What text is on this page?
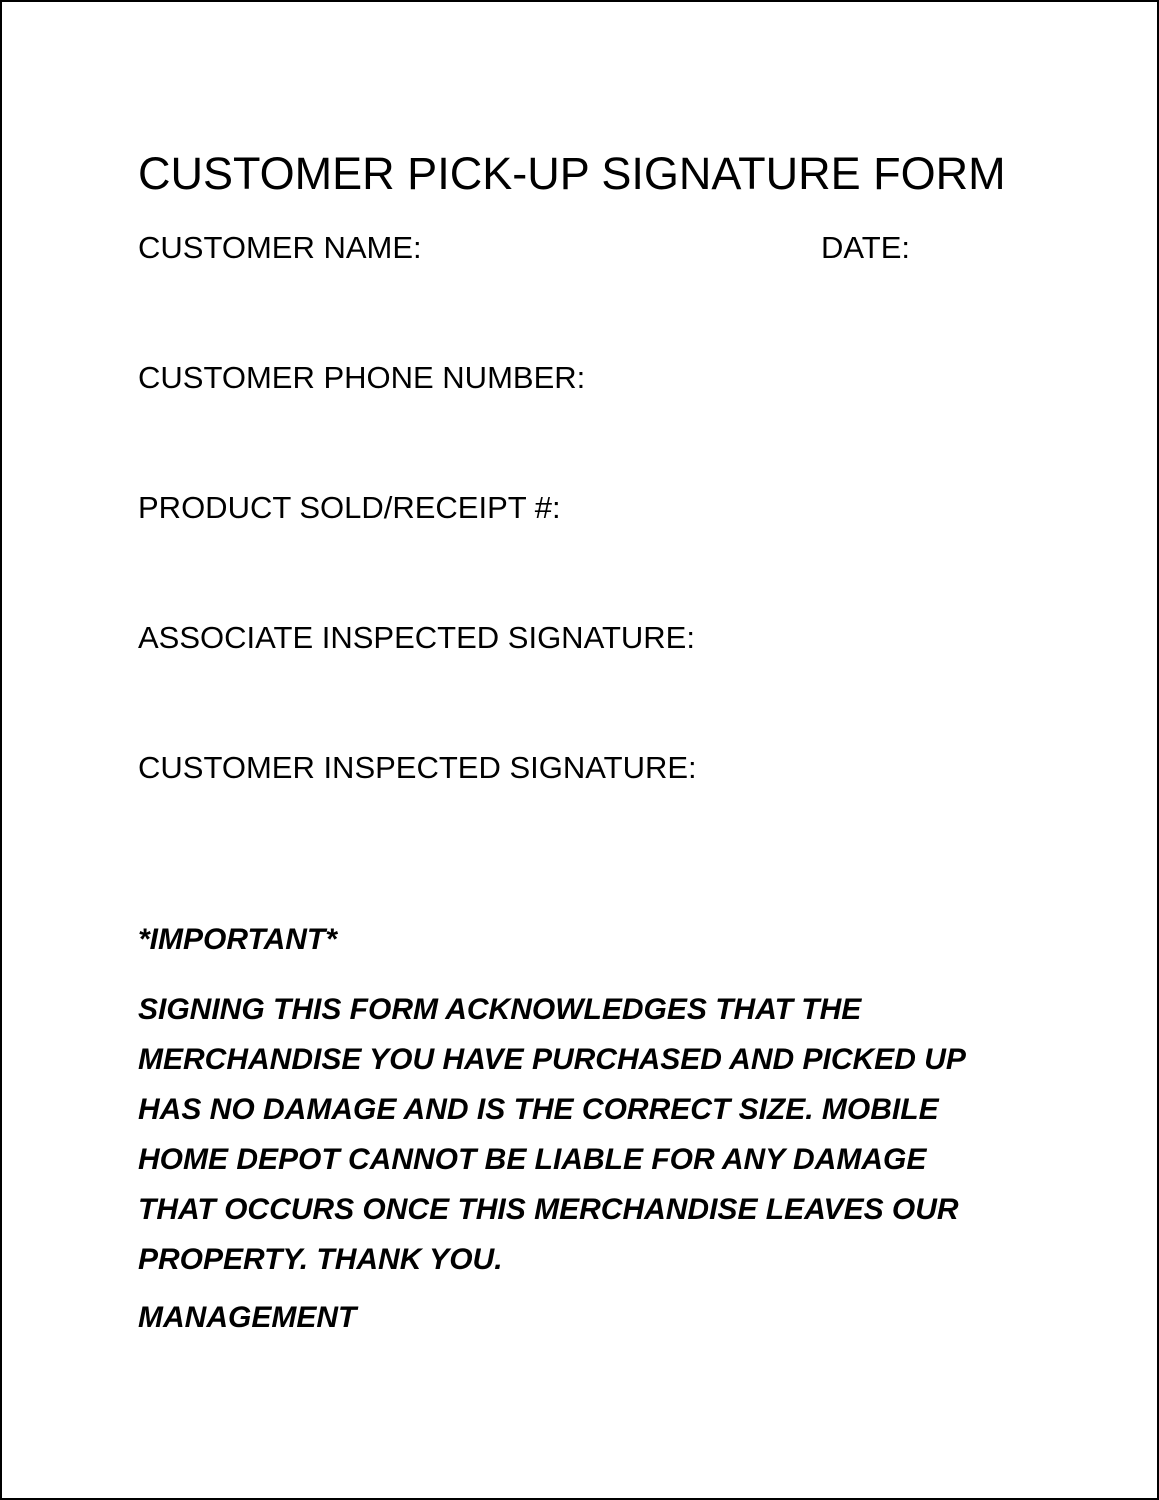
CUSTOMER PICK-UP SIGNATURE FORM
CUSTOMER NAME:	DATE:
CUSTOMER PHONE NUMBER:
PRODUCT SOLD/RECEIPT #:
ASSOCIATE INSPECTED SIGNATURE:
CUSTOMER INSPECTED SIGNATURE:
*IMPORTANT*
SIGNING THIS FORM ACKNOWLEDGES THAT THE
MERCHANDISE YOU HAVE PURCHASED AND PICKED UP
HAS NO DAMAGE AND IS THE CORRECT SIZE. MOBILE
HOME DEPOT CANNOT BE LIABLE FOR ANY DAMAGE
THAT OCCURS ONCE THIS MERCHANDISE LEAVES OUR
PROPERTY. THANK YOU.
MANAGEMENT
